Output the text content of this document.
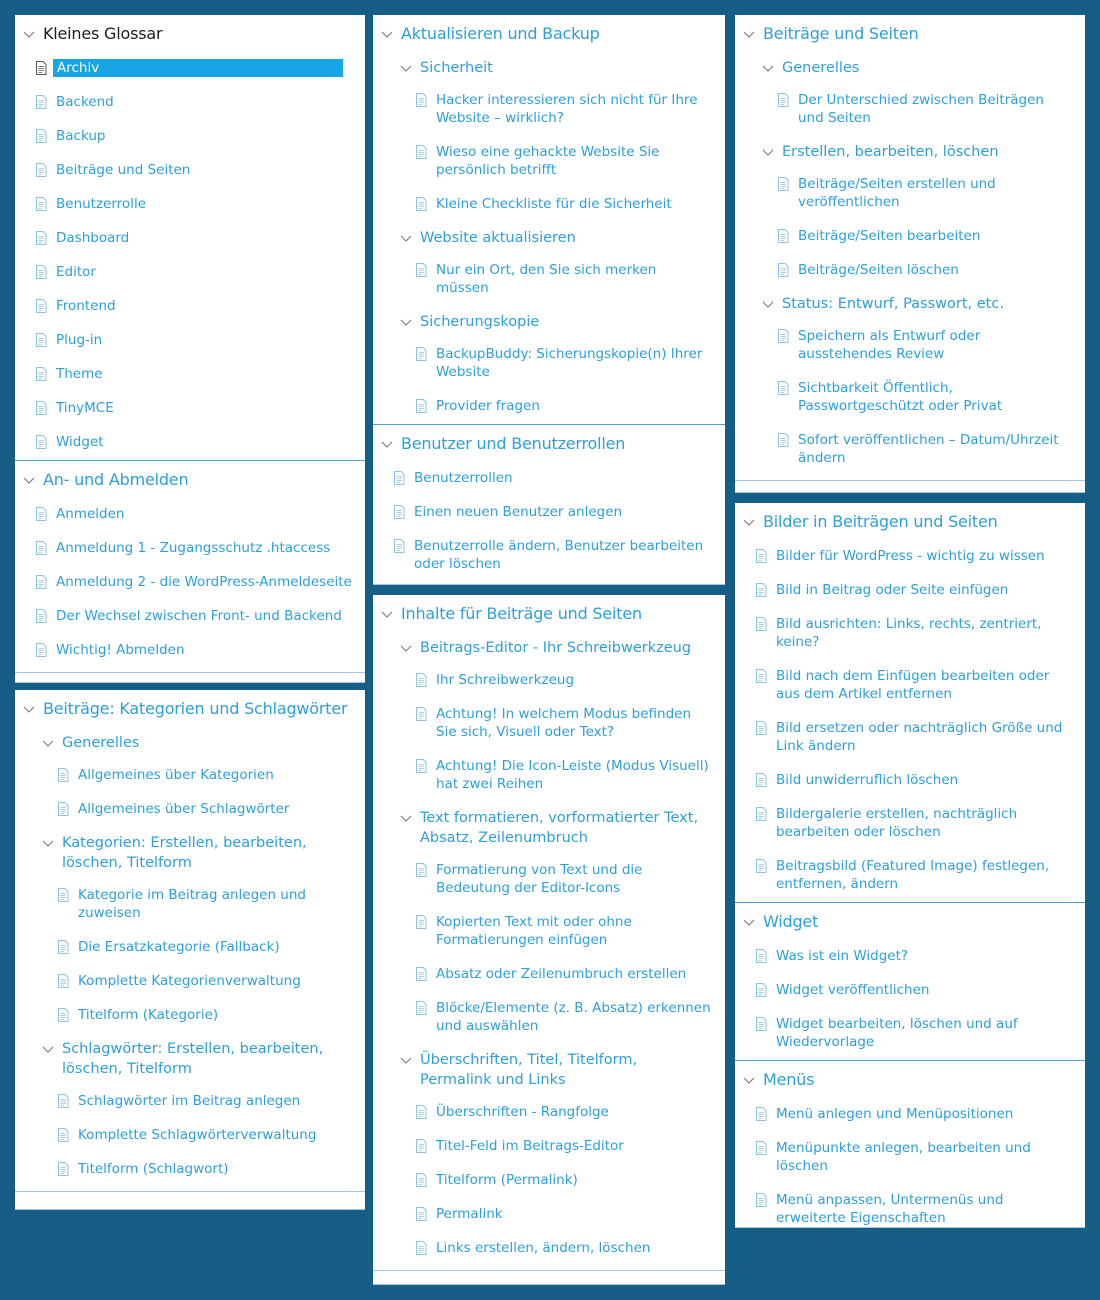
Kleines Glossar
Archiv
Backend
Backup
Beiträge und Seiten
Benutzerrolle
Dashboard
Editor
Frontend
Plug-in
Theme
TinyMCE
Widget
An- und Abmelden
Anmelden
Anmeldung 1 - Zugangsschutz .htaccess
Anmeldung 2 - die WordPress-Anmeldeseite
Der Wechsel zwischen Front- und Backend
Wichtig! Abmelden
Beiträge: Kategorien und Schlagwörter
Generelles
Allgemeines über Kategorien
Allgemeines über Schlagwörter
Kategorien: Erstellen, bearbeiten, löschen, Titelform
Kategorie im Beitrag anlegen und zuweisen
Die Ersatzkategorie (Fallback)
Komplette Kategorienverwaltung
Titelform (Kategorie)
Schlagwörter: Erstellen, bearbeiten, löschen, Titelform
Schlagwörter im Beitrag anlegen
Komplette Schlagwörterverwaltung
Titelform (Schlagwort)
Aktualisieren und Backup
Sicherheit
Hacker interessieren sich nicht für Ihre Website – wirklich?
Wieso eine gehackte Website Sie persönlich betrifft
Kleine Checkliste für die Sicherheit
Website aktualisieren
Nur ein Ort, den Sie sich merken müssen
Sicherungskopie
BackupBuddy: Sicherungskopie(n) Ihrer Website
Provider fragen
Benutzer und Benutzerrollen
Benutzerrollen
Einen neuen Benutzer anlegen
Benutzerrolle ändern, Benutzer bearbeiten oder löschen
Inhalte für Beiträge und Seiten
Beitrags-Editor - Ihr Schreibwerkzeug
Ihr Schreibwerkzeug
Achtung! In welchem Modus befinden Sie sich, Visuell oder Text?
Achtung! Die Icon-Leiste (Modus Visuell) hat zwei Reihen
Text formatieren, vorformatierter Text, Absatz, Zeilenumbruch
Formatierung von Text und die Bedeutung der Editor-Icons
Kopierten Text mit oder ohne Formatierungen einfügen
Absatz oder Zeilenumbruch erstellen
Blöcke/Elemente (z. B. Absatz) erkennen und auswählen
Überschriften, Titel, Titelform, Permalink und Links
Überschriften - Rangfolge
Titel-Feld im Beitrags-Editor
Titelform (Permalink)
Permalink
Links erstellen, ändern, löschen
Beiträge und Seiten
Generelles
Der Unterschied zwischen Beiträgen und Seiten
Erstellen, bearbeiten, löschen
Beiträge/Seiten erstellen und veröffentlichen
Beiträge/Seiten bearbeiten
Beiträge/Seiten löschen
Status: Entwurf, Passwort, etc.
Speichern als Entwurf oder ausstehendes Review
Sichtbarkeit Öffentlich, Passwortgeschützt oder Privat
Sofort veröffentlichen – Datum/Uhrzeit ändern
Bilder in Beiträgen und Seiten
Bilder für WordPress - wichtig zu wissen
Bild in Beitrag oder Seite einfügen
Bild ausrichten: Links, rechts, zentriert, keine?
Bild nach dem Einfügen bearbeiten oder aus dem Artikel entfernen
Bild ersetzen oder nachträglich Größe und Link ändern
Bild unwiderruflich löschen
Bildergalerie erstellen, nachträglich bearbeiten oder löschen
Beitragsbild (Featured Image) festlegen, entfernen, ändern
Widget
Was ist ein Widget?
Widget veröffentlichen
Widget bearbeiten, löschen und auf Wiedervorlage
Menüs
Menü anlegen und Menüpositionen
Menüpunkte anlegen, bearbeiten und löschen
Menü anpassen, Untermenüs und erweiterte Eigenschaften
